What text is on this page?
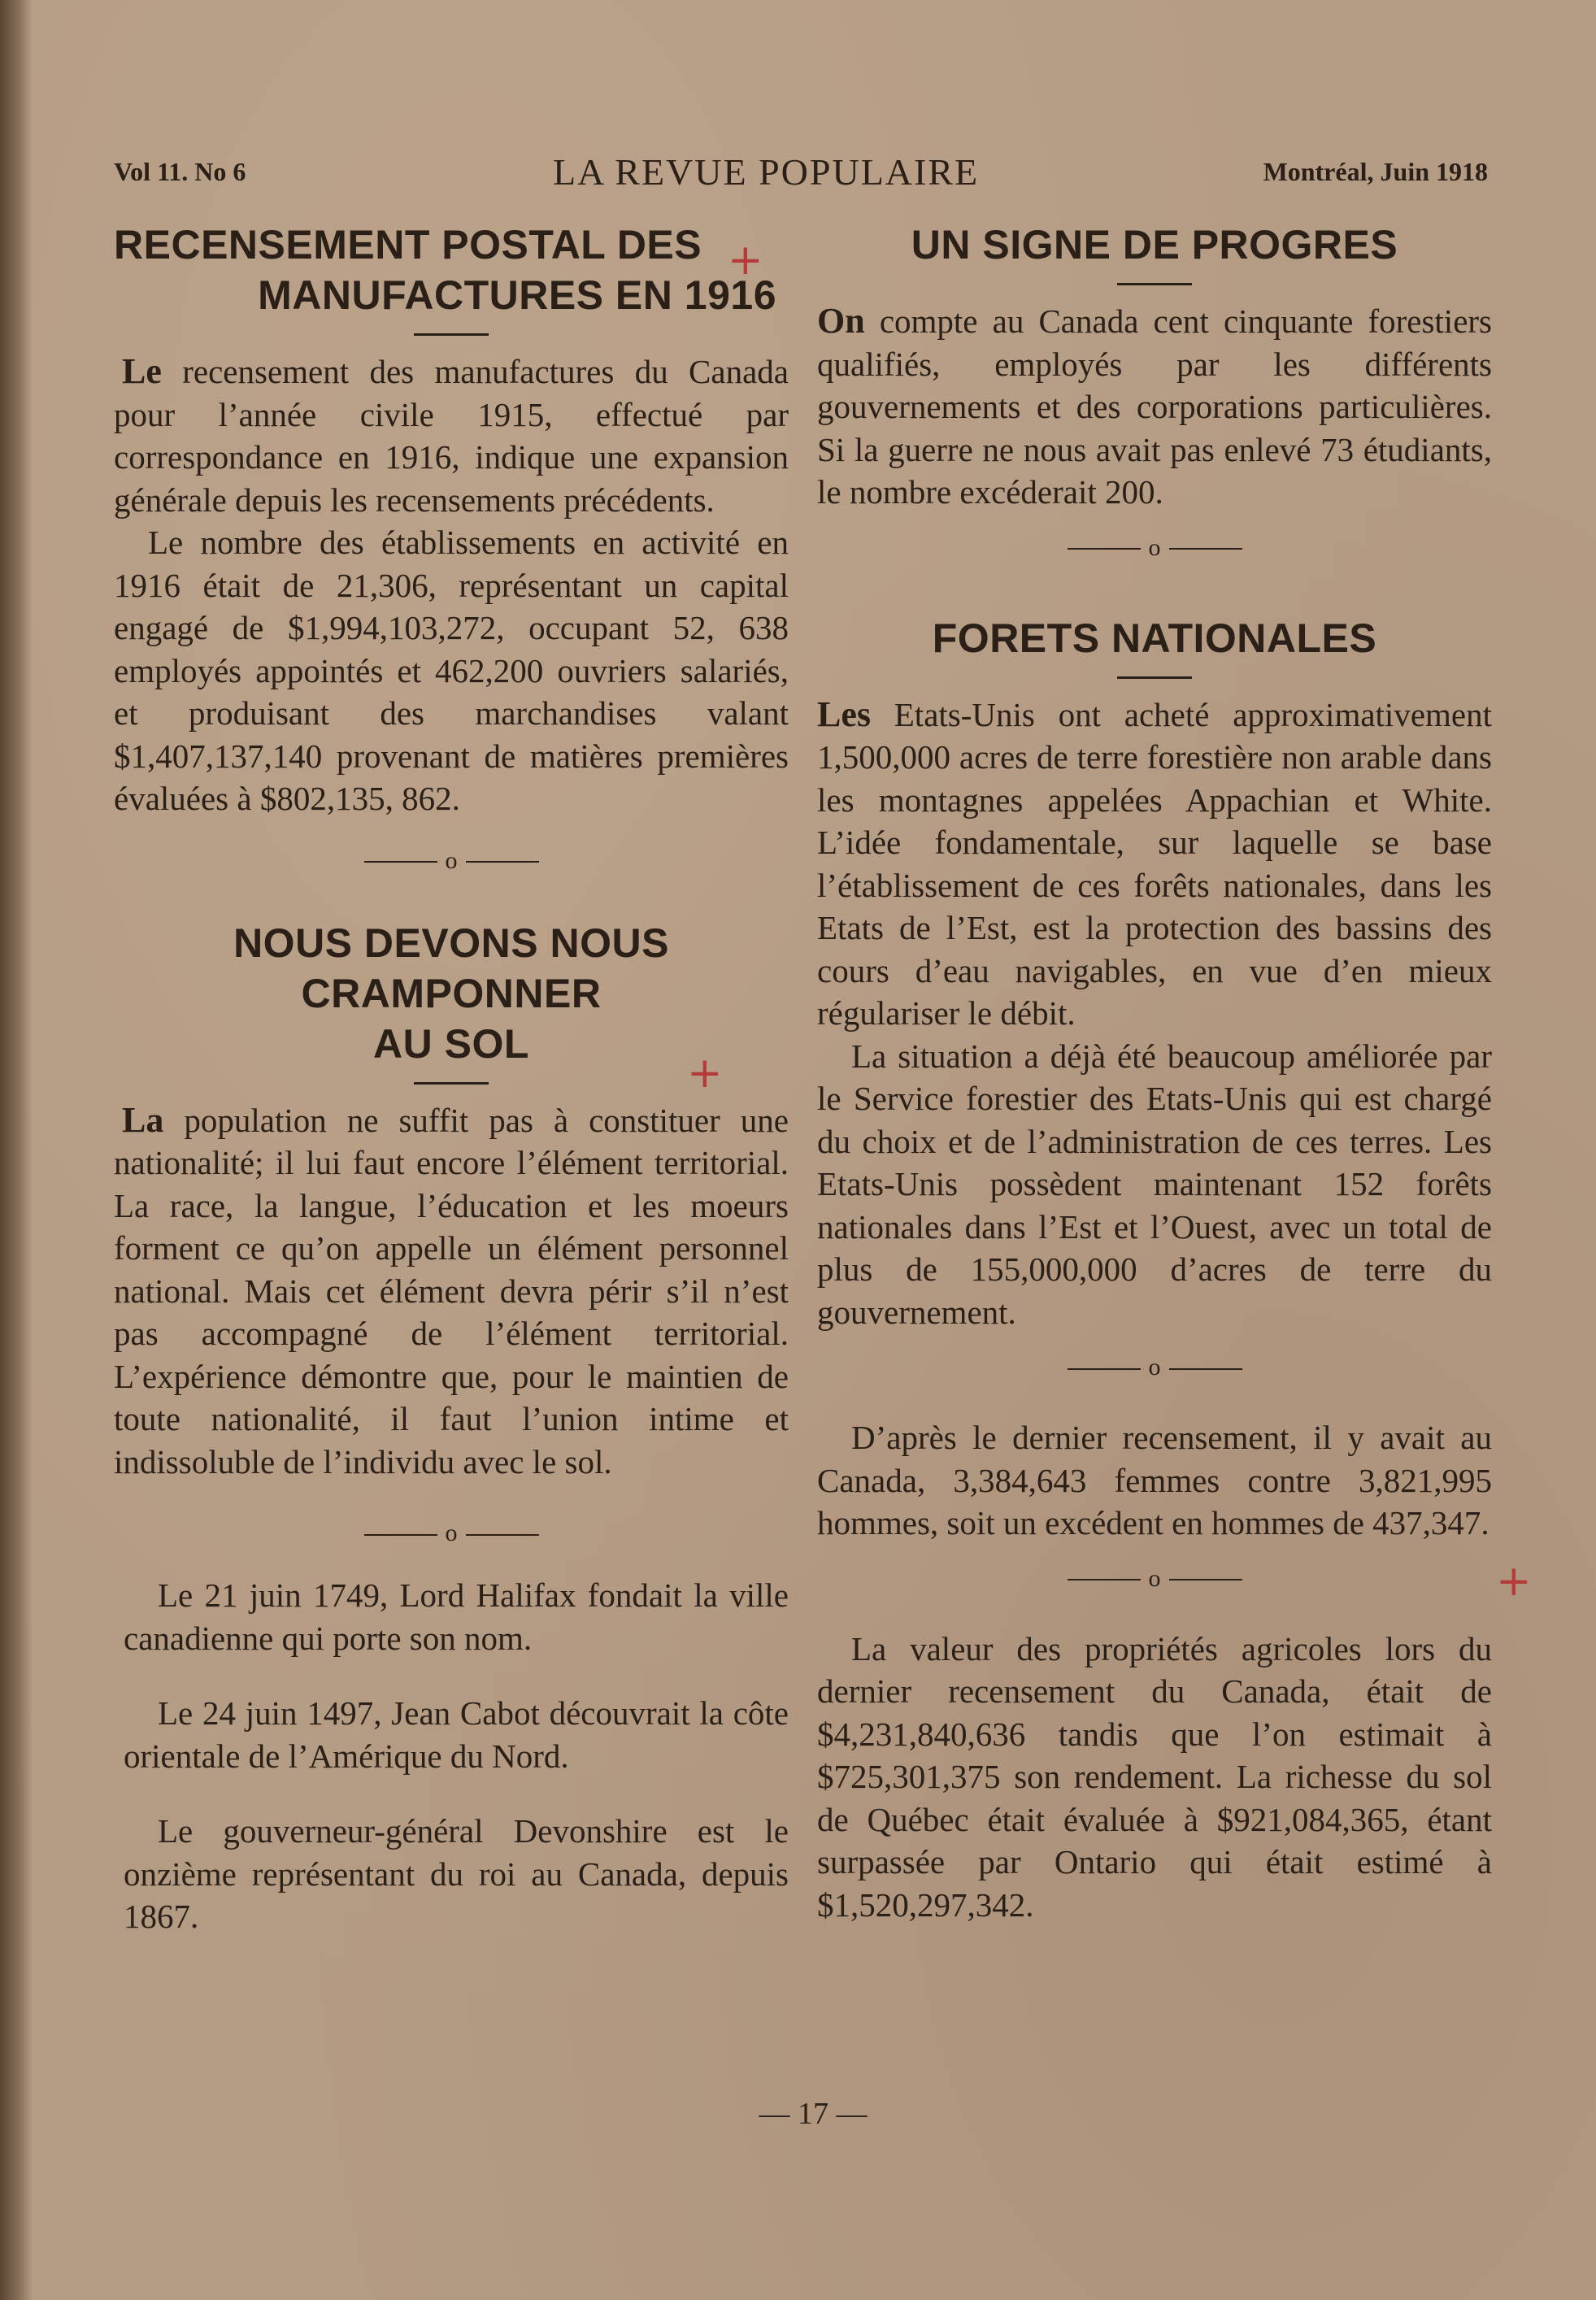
Vol 11. No 6	LA REVUE POPULAIRE	Montréal, Juin 1918
RECENSEMENT POSTAL DES
MANUFACTURES EN 1916

Le recensement des manufactures du Canada pour l’année civile 1915, effectué par correspondance en 1916, indique une expansion générale depuis les recensements précédents.

Le nombre des établissements en activité en 1916 était de 21,306, représentant un capital engagé de $1,994,103,272, occupant 52, 638 employés appointés et 462,200 ouvriers salariés, et produisant des marchandises valant $1,407,137,140 provenant de matières premières évaluées à $802,135, 862.

o

NOUS DEVONS NOUS CRAMPONNER
AU SOL

La population ne suffit pas à constituer une nationalité; il lui faut encore l’élément territorial. La race, la langue, l’éducation et les moeurs forment ce qu’on appelle un élément personnel national. Mais cet élément devra périr s’il n’est pas accompagné de l’élément territorial. L’expérience démontre que, pour le maintien de toute nationalité, il faut l’union intime et indissoluble de l’individu avec le sol.

o

Le 21 juin 1749, Lord Halifax fondait la ville canadienne qui porte son nom.

Le 24 juin 1497, Jean Cabot découvrait la côte orientale de l’Amérique du Nord.

Le gouverneur-général Devonshire est le onzième représentant du roi au Canada, depuis 1867.

UN SIGNE DE PROGRES

On compte au Canada cent cinquante forestiers qualifiés, employés par les différents gouvernements et des corporations particulières. Si la guerre ne nous avait pas enlevé 73 étudiants, le nombre excéderait 200.

o

FORETS NATIONALES

Les Etats-Unis ont acheté approximativement 1,500,000 acres de terre forestière non arable dans les montagnes appelées Appachian et White. L’idée fondamentale, sur laquelle se base l’établissement de ces forêts nationales, dans les Etats de l’Est, est la protection des bassins des cours d’eau navigables, en vue d’en mieux régulariser le débit.

La situation a déjà été beaucoup améliorée par le Service forestier des Etats-Unis qui est chargé du choix et de l’administration de ces terres. Les Etats-Unis possèdent maintenant 152 forêts nationales dans l’Est et l’Ouest, avec un total de plus de 155,000,000 d’acres de terre du gouvernement.

o

D’après le dernier recensement, il y avait au Canada, 3,384,643 femmes contre 3,821,995 hommes, soit un excédent en hommes de 437,347.

o

La valeur des propriétés agricoles lors du dernier recensement du Canada, était de $4,231,840,636 tandis que l’on estimait à $725,301,375 son rendement. La richesse du sol de Québec était évaluée à $921,084,365, étant surpassée par Ontario qui était estimé à $1,520,297,342.

— 17 —
+
+
+
